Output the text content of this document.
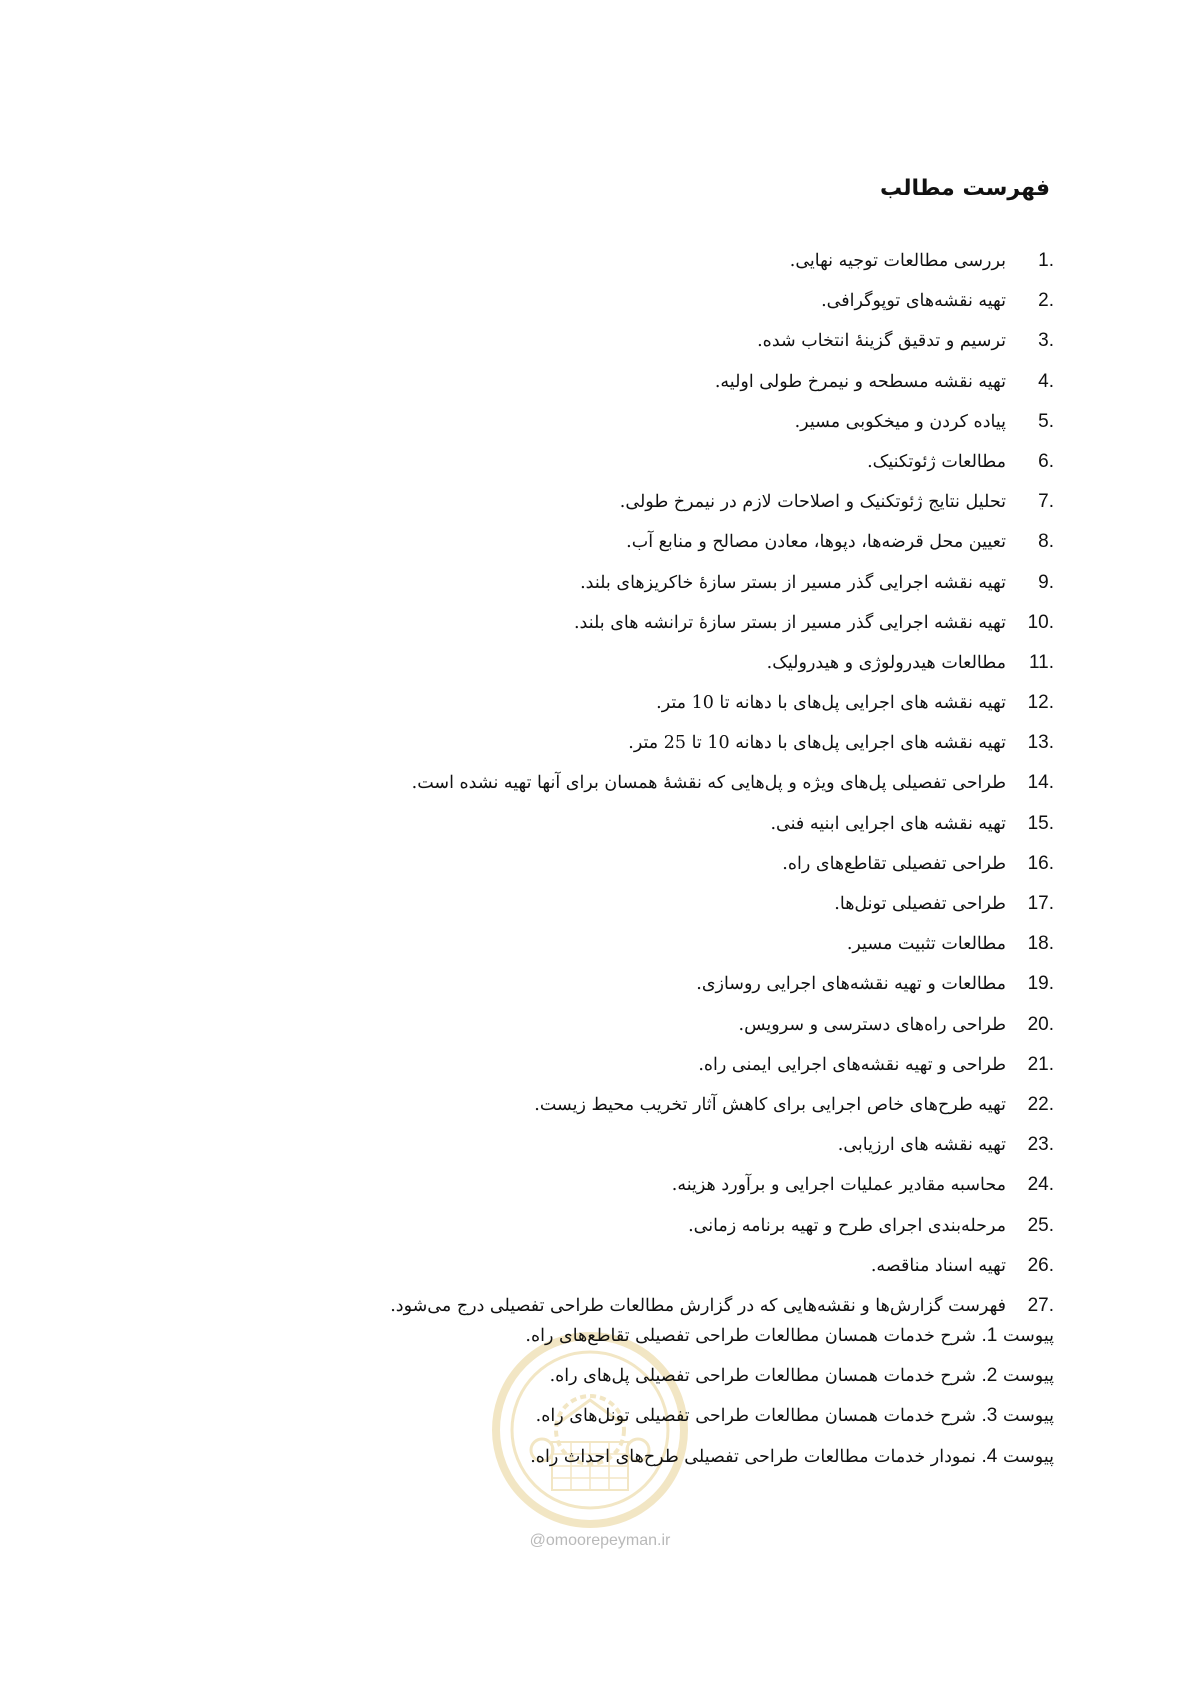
فهرست مطالب
1.بررسی مطالعات توجیه نهایی.
2.تهیه نقشه‌های توپوگرافی.
3.ترسیم و تدقیق گزینهٔ انتخاب شده.
4.تهیه نقشه مسطحه و نیمرخ طولی اولیه.
5.پیاده کردن و میخکوبی مسیر.
6.مطالعات ژئوتکنیک.
7.تحلیل نتایج ژئوتکنیک و اصلاحات لازم در نیمرخ طولی.
8.تعیین محل قرضه‌ها، دپوها، معادن مصالح و منابع آب.
9.تهیه نقشه اجرایی گذر مسیر از بستر سازهٔ خاکریزهای بلند.
10.تهیه نقشه اجرایی گذر مسیر از بستر سازهٔ ترانشه های بلند.
11.مطالعات هیدرولوژی و هیدرولیک.
12.تهیه نقشه های اجرایی پل‌های با دهانه تا 10 متر.
13.تهیه نقشه های اجرایی پل‌های با دهانه 10 تا 25 متر.
14.طراحی تفصیلی پل‌های ویژه و پل‌هایی که نقشهٔ همسان برای آنها تهیه نشده است.
15.تهیه نقشه های اجرایی ابنیه فنی.
16.طراحی تفصیلی تقاطع‌های راه.
17.طراحی تفصیلی تونل‌ها.
18.مطالعات تثبیت مسیر.
19.مطالعات و تهیه نقشه‌های اجرایی روسازی.
20.طراحی راه‌های دسترسی و سرویس.
21.طراحی و تهیه نقشه‌های اجرایی ایمنی راه.
22.تهیه طرح‌های خاص اجرایی برای کاهش آثار تخریب محیط زیست.
23.تهیه نقشه های ارزیابی.
24.محاسبه مقادیر عملیات اجرایی و برآورد هزینه.
25.مرحله‌بندی اجرای طرح و تهیه برنامه زمانی.
26.تهیه اسناد مناقصه.
27.فهرست گزارش‌ها و نقشه‌هایی که در گزارش مطالعات طراحی تفصیلی درج می‌شود.
پیوست 1. شرح خدمات همسان مطالعات طراحی تفصیلی تقاطع‌های راه.
پیوست 2. شرح خدمات همسان مطالعات طراحی تفصیلی پل‌های راه.
پیوست 3. شرح خدمات همسان مطالعات طراحی تفصیلی تونل‌های راه.
پیوست 4. نمودار خدمات مطالعات طراحی تفصیلی طرح‌های احداث راه.
@omoorepeyman.ir
